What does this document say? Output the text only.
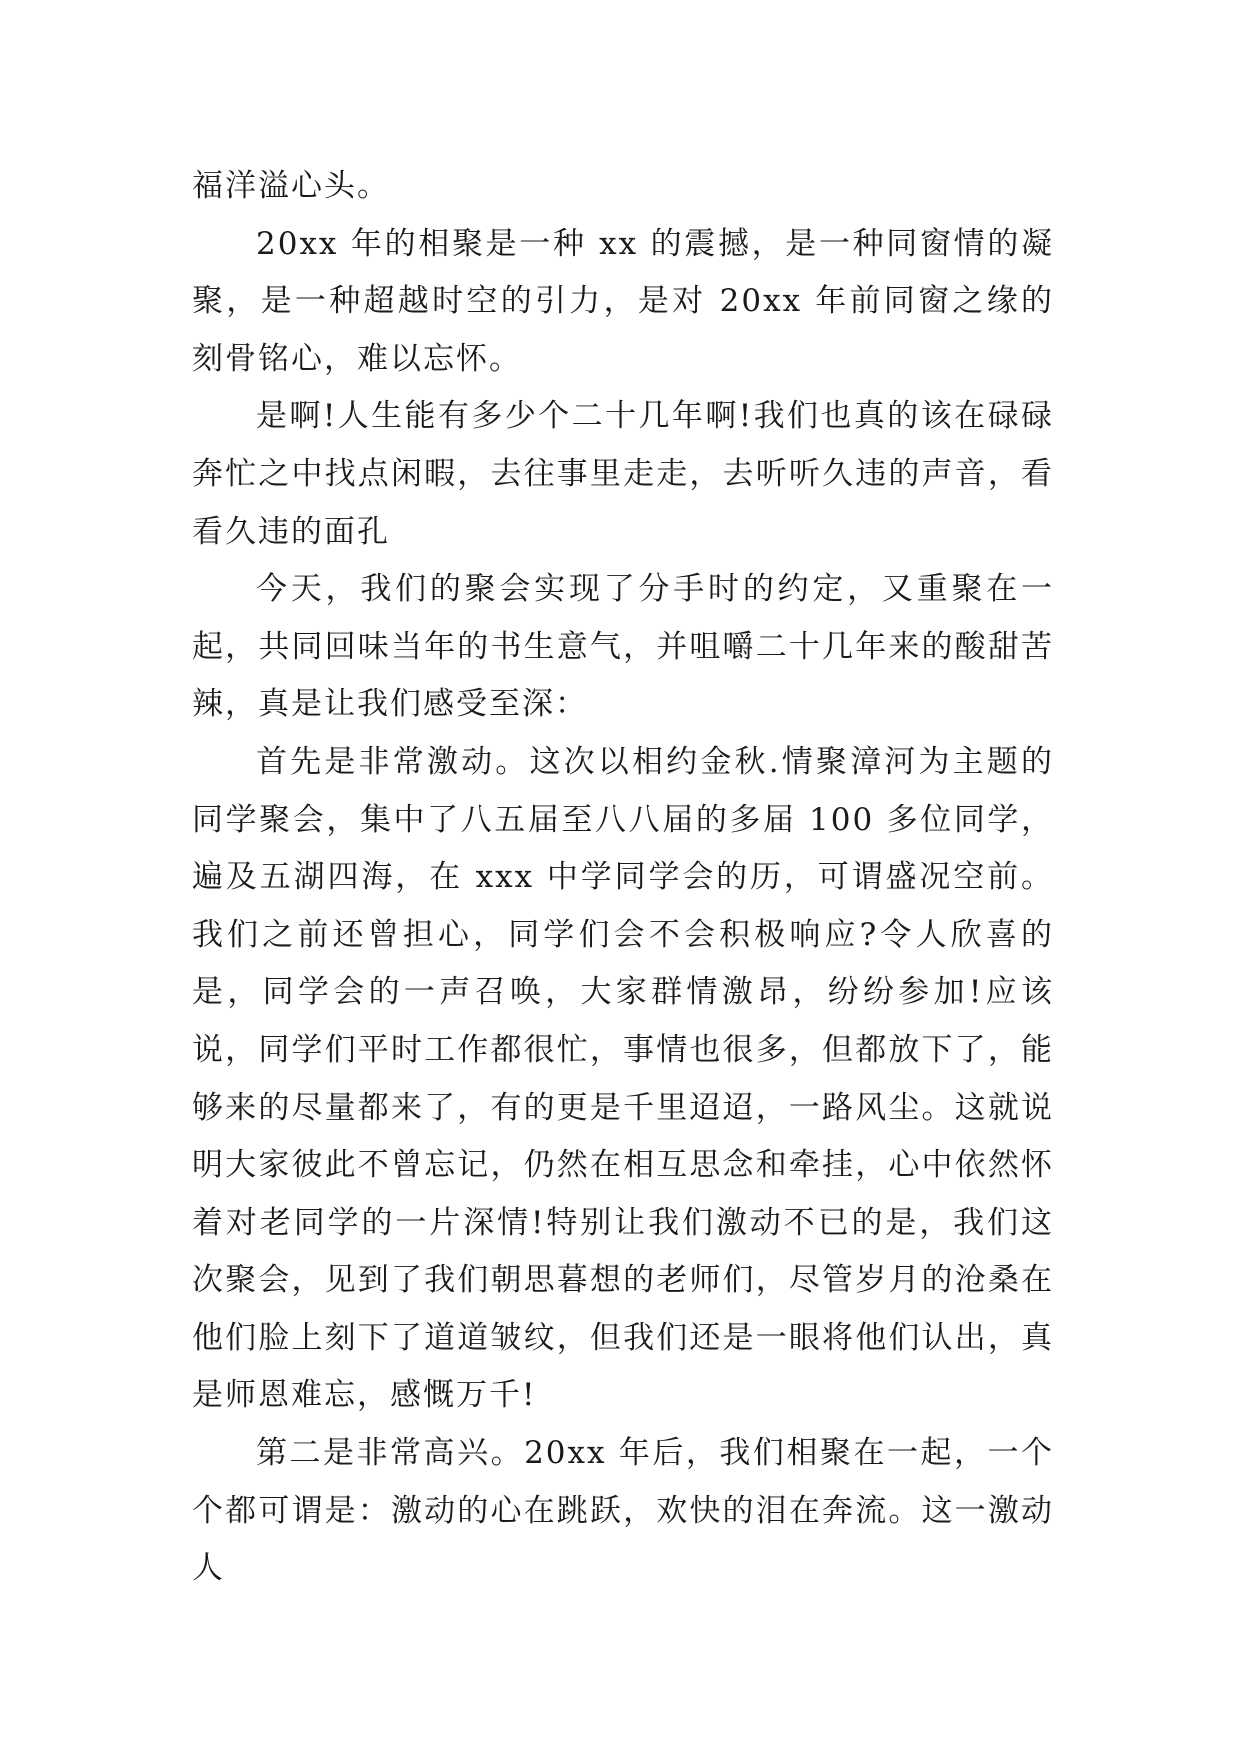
福洋溢心头。

20xx 年的相聚是一种 xx 的震撼，是一种同窗情的凝聚，是一种超越时空的引力，是对 20xx 年前同窗之缘的刻骨铭心，难以忘怀。

是啊!人生能有多少个二十几年啊!我们也真的该在碌碌奔忙之中找点闲暇，去往事里走走，去听听久违的声音，看看久违的面孔

今天，我们的聚会实现了分手时的约定，又重聚在一起，共同回味当年的书生意气，并咀嚼二十几年来的酸甜苦辣，真是让我们感受至深：

首先是非常激动。这次以相约金秋.情聚漳河为主题的同学聚会，集中了八五届至八八届的多届 100 多位同学，遍及五湖四海，在 xxx 中学同学会的历，可谓盛况空前。我们之前还曾担心，同学们会不会积极响应?令人欣喜的是，同学会的一声召唤，大家群情激昂，纷纷参加!应该说，同学们平时工作都很忙，事情也很多，但都放下了，能够来的尽量都来了，有的更是千里迢迢，一路风尘。这就说明大家彼此不曾忘记，仍然在相互思念和牵挂，心中依然怀着对老同学的一片深情!特别让我们激动不已的是，我们这次聚会，见到了我们朝思暮想的老师们，尽管岁月的沧桑在他们脸上刻下了道道皱纹，但我们还是一眼将他们认出，真是师恩难忘，感慨万千!

第二是非常高兴。20xx 年后，我们相聚在一起，一个个都可谓是：激动的心在跳跃，欢快的泪在奔流。这一激动人
